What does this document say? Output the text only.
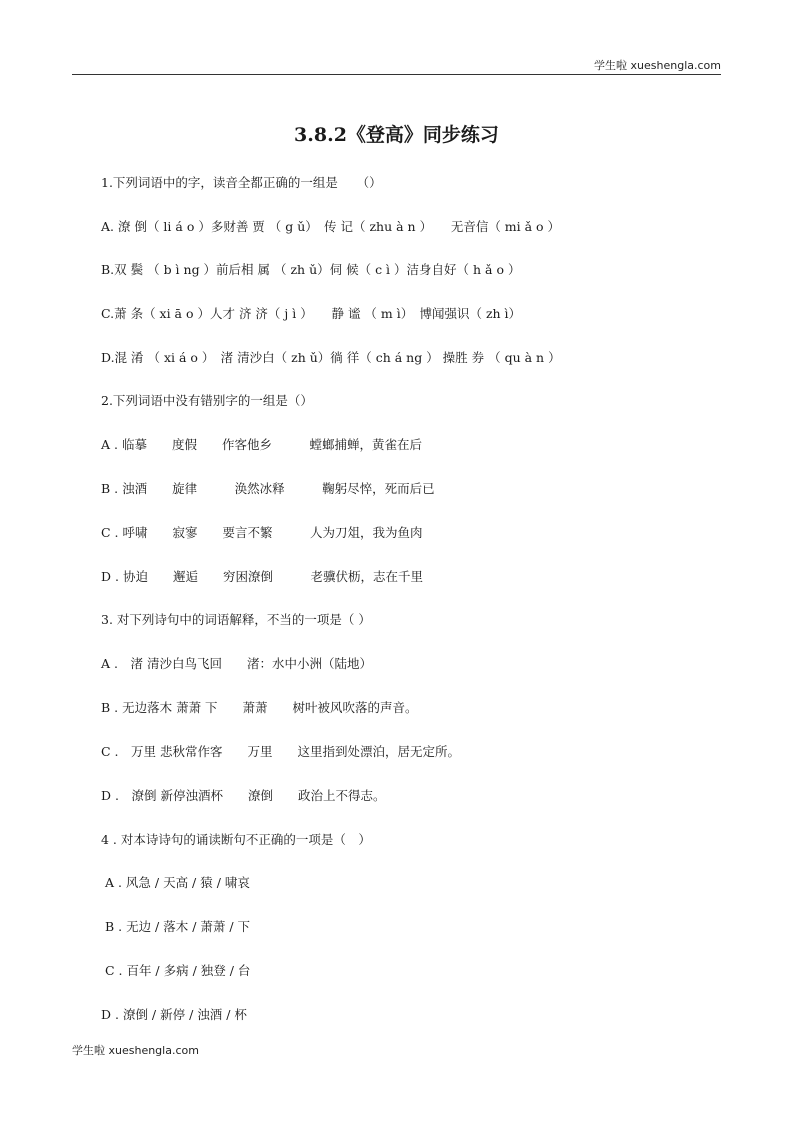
学生啦 xueshengla.com
3.8.2《登高》同步练习
1.下列词语中的字，读音全都正确的一组是　　（）
A. 潦 倒（ li á o ）多财善 贾 （ g ǔ）　传 记（ zhu à n ）　　无音信（ mi ǎ o ）
B.双 鬓 （ b ì ng ）前后相 属 （ zh ǔ）伺 候（ c ì ）洁身自好（ h ǎ o ）
C.萧 条（ xi ā o ）人才 济 济（ j ì ）　　静 谧 （ m ì）　博闻强识（ zh ì）
D.混 淆 （ xi á o ）　渚 清沙白（ zh ǔ）徜 徉（ ch á ng ） 操胜 券 （ qu à n ）
2.下列词语中没有错别字的一组是（）
A . 临摹　　度假　　作客他乡　　　螳螂捕蝉，黄雀在后
B . 浊酒　　旋律　　　涣然冰释　　　鞠躬尽悴，死而后已
C . 呼啸　　寂寥　　要言不繁　　　人为刀俎，我为鱼肉
D . 协迫　　邂逅　　穷困潦倒　　　老骥伏枥，志在千里
3. 对下列诗句中的词语解释，不当的一项是（ ）
A .　渚 清沙白鸟飞回　　渚：水中小洲（陆地）
B . 无边落木 萧萧 下　　萧萧　　树叶被风吹落的声音。
C .　万里 悲秋常作客　　万里　　这里指到处漂泊，居无定所。
D .　潦倒 新停浊酒杯　　潦倒　　政治上不得志。
4 . 对本诗诗句的诵读断句不正确的一项是（　）
A . 风急 / 天高 / 猿 / 啸哀
B . 无边 / 落木 / 萧萧 / 下
C . 百年 / 多病 / 独登 / 台
D . 潦倒 / 新停 / 浊酒 / 杯
学生啦 xueshengla.com
